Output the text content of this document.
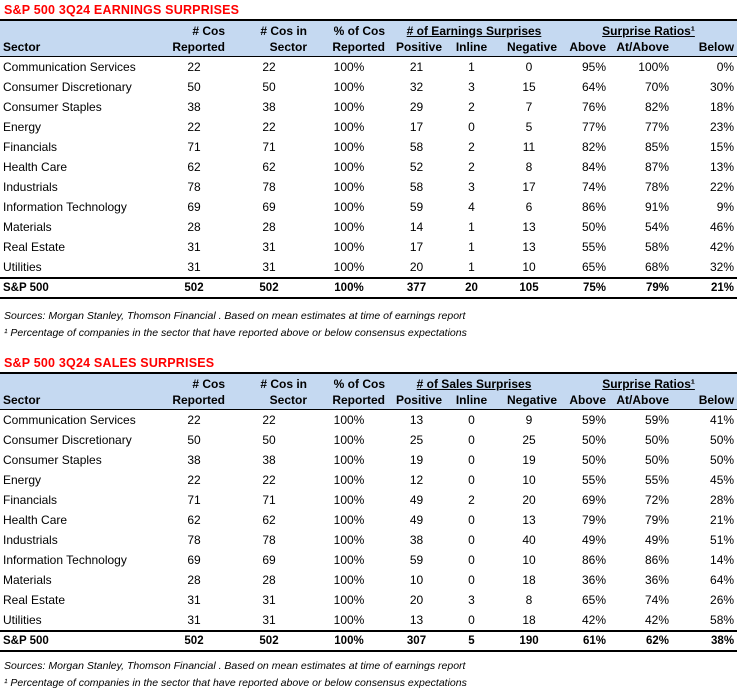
S&P 500 3Q24 EARNINGS SURPRISES
	# Cos	# Cos in	% of Cos	# of Earnings Surprises			Surprise Ratios¹		
Sector	Reported	Sector	Reported	Positive	Inline	Negative	Above	At/Above	Below
Communication Services	22	22	100%	21	1	0	95%	100%	0%
Consumer Discretionary	50	50	100%	32	3	15	64%	70%	30%
Consumer Staples	38	38	100%	29	2	7	76%	82%	18%
Energy	22	22	100%	17	0	5	77%	77%	23%
Financials	71	71	100%	58	2	11	82%	85%	15%
Health Care	62	62	100%	52	2	8	84%	87%	13%
Industrials	78	78	100%	58	3	17	74%	78%	22%
Information Technology	69	69	100%	59	4	6	86%	91%	9%
Materials	28	28	100%	14	1	13	50%	54%	46%
Real Estate	31	31	100%	17	1	13	55%	58%	42%
Utilities	31	31	100%	20	1	10	65%	68%	32%
S&P 500	502	502	100%	377	20	105	75%	79%	21%
Sources: Morgan Stanley, Thomson Financial . Based on mean estimates at time of earnings report
¹ Percentage of companies in the sector that have reported above or below consensus expectations
S&P 500 3Q24 SALES SURPRISES
	# Cos	# Cos in	% of Cos	# of Sales Surprises			Surprise Ratios¹		
Sector	Reported	Sector	Reported	Positive	Inline	Negative	Above	At/Above	Below
Communication Services	22	22	100%	13	0	9	59%	59%	41%
Consumer Discretionary	50	50	100%	25	0	25	50%	50%	50%
Consumer Staples	38	38	100%	19	0	19	50%	50%	50%
Energy	22	22	100%	12	0	10	55%	55%	45%
Financials	71	71	100%	49	2	20	69%	72%	28%
Health Care	62	62	100%	49	0	13	79%	79%	21%
Industrials	78	78	100%	38	0	40	49%	49%	51%
Information Technology	69	69	100%	59	0	10	86%	86%	14%
Materials	28	28	100%	10	0	18	36%	36%	64%
Real Estate	31	31	100%	20	3	8	65%	74%	26%
Utilities	31	31	100%	13	0	18	42%	42%	58%
S&P 500	502	502	100%	307	5	190	61%	62%	38%
Sources: Morgan Stanley, Thomson Financial . Based on mean estimates at time of earnings report
¹ Percentage of companies in the sector that have reported above or below consensus expectations
